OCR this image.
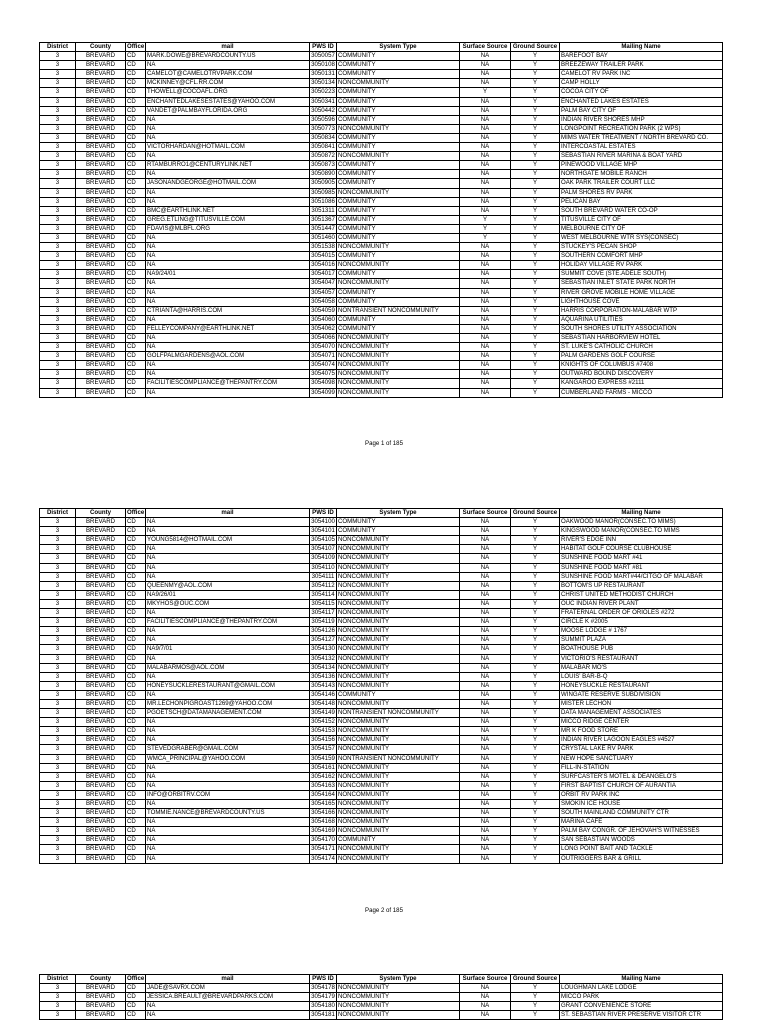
District	County	Office	mail	PWS ID	System Type	Surface Source	Ground Source	Mailing Name
3	BREVARD	CD	MARK.DOWE@BREVARDCOUNTY.US	3050057	COMMUNITY	NA	Y	BAREFOOT BAY
3	BREVARD	CD	NA	3050108	COMMUNITY	NA	Y	BREEZEWAY TRAILER PARK
3	BREVARD	CD	CAMELOT@CAMELOTRVPARK.COM	3050131	COMMUNITY	NA	Y	CAMELOT RV PARK INC
3	BREVARD	CD	MCKINNEY@CFL.RR.COM	3050134	NONCOMMUNITY	NA	Y	CAMP HOLLY
3	BREVARD	CD	THOWELL@COCOAFL.ORG	3050223	COMMUNITY	Y	Y	COCOA CITY OF
3	BREVARD	CD	ENCHANTEDLAKESESTATES@YAHOO.COM	3050341	COMMUNITY	NA	Y	ENCHANTED LAKES ESTATES
3	BREVARD	CD	VANDET@PALMBAYFLORIDA.ORG	3050442	COMMUNITY	NA	Y	PALM BAY CITY OF
3	BREVARD	CD	NA	3050596	COMMUNITY	NA	Y	INDIAN RIVER SHORES MHP
3	BREVARD	CD	NA	3050773	NONCOMMUNITY	NA	Y	LONGPOINT RECREATION PARK (2 WPS)
3	BREVARD	CD	NA	3050834	COMMUNITY	NA	Y	MIMS WATER TREATMENT / NORTH BREVARD CO.
3	BREVARD	CD	VICTORHARDAN@HOTMAIL.COM	3050841	COMMUNITY	NA	Y	INTERCOASTAL ESTATES
3	BREVARD	CD	NA	3050872	NONCOMMUNITY	NA	Y	SEBASTIAN RIVER MARINA & BOAT YARD
3	BREVARD	CD	RTAMBURRO1@CENTURYLINK.NET	3050873	COMMUNITY	NA	Y	PINEWOOD VILLAGE MHP
3	BREVARD	CD	NA	3050890	COMMUNITY	NA	Y	NORTHGATE MOBILE RANCH
3	BREVARD	CD	JASONANDGEORGE@HOTMAIL.COM	3050905	COMMUNITY	NA	Y	OAK PARK TRAILER COURT LLC
3	BREVARD	CD	NA	3050985	NONCOMMUNITY	NA	Y	PALM SHORES RV PARK
3	BREVARD	CD	NA	3051086	COMMUNITY	NA	Y	PELICAN BAY
3	BREVARD	CD	BMC@EARTHLINK.NET	3051311	COMMUNITY	NA	Y	SOUTH BREVARD WATER CO-OP
3	BREVARD	CD	GREG.ETLING@TITUSVILLE.COM	3051367	COMMUNITY	Y	Y	TITUSVILLE CITY OF
3	BREVARD	CD	FDAVIS@MLBFL.ORG	3051447	COMMUNITY	Y	Y	MELBOURNE CITY OF
3	BREVARD	CD	NA	3051460	COMMUNITY	Y	Y	WEST MELBOURNE WTR SYS(CONSEC)
3	BREVARD	CD	NA	3051538	NONCOMMUNITY	NA	Y	STUCKEY'S PECAN SHOP
3	BREVARD	CD	NA	3054015	COMMUNITY	NA	Y	SOUTHERN COMFORT MHP
3	BREVARD	CD	NA	3054016	NONCOMMUNITY	NA	Y	HOLIDAY VILLAGE RV PARK
3	BREVARD	CD	NA9/24/01	3054017	COMMUNITY	NA	Y	SUMMIT COVE (STE.ADELE SOUTH)
3	BREVARD	CD	NA	3054047	NONCOMMUNITY	NA	Y	SEBASTIAN INLET STATE PARK NORTH
3	BREVARD	CD	NA	3054057	COMMUNITY	NA	Y	RIVER GROVE MOBILE HOME VILLAGE
3	BREVARD	CD	NA	3054058	COMMUNITY	NA	Y	LIGHTHOUSE COVE
3	BREVARD	CD	CTRIANTA@HARRIS.COM	3054059	NONTRANSIENT NONCOMMUNITY	NA	Y	HARRIS CORPORATION-MALABAR WTP
3	BREVARD	CD	NA	3054060	COMMUNITY	NA	Y	AQUARINA UTILITIES
3	BREVARD	CD	FELLEYCOMPANY@EARTHLINK.NET	3054062	COMMUNITY	NA	Y	SOUTH SHORES UTILITY ASSOCIATION
3	BREVARD	CD	NA	3054066	NONCOMMUNITY	NA	Y	SEBASTIAN HARBORVIEW HOTEL
3	BREVARD	CD	NA	3054070	NONCOMMUNITY	NA	Y	ST. LUKE'S CATHOLIC CHURCH
3	BREVARD	CD	GOLFPALMGARDENS@AOL.COM	3054071	NONCOMMUNITY	NA	Y	PALM GARDENS GOLF COURSE
3	BREVARD	CD	NA	3054074	NONCOMMUNITY	NA	Y	KNIGHTS OF COLUMBUS #7408
3	BREVARD	CD	NA	3054075	NONCOMMUNITY	NA	Y	OUTWARD BOUND DISCOVERY
3	BREVARD	CD	FACILITIESCOMPLIANCE@THEPANTRY.COM	3054098	NONCOMMUNITY	NA	Y	KANGAROO EXPRESS #2111
3	BREVARD	CD	NA	3054099	NONCOMMUNITY	NA	Y	CUMBERLAND FARMS - MICCO
Page 1 of 185
District	County	Office	mail	PWS ID	System Type	Surface Source	Ground Source	Mailing Name
3	BREVARD	CD	NA	3054100	COMMUNITY	NA	Y	OAKWOOD MANOR(CONSEC.TO MIMS)
3	BREVARD	CD	NA	3054101	COMMUNITY	NA	Y	KINGSWOOD MANOR(CONSEC.TO MIMS
3	BREVARD	CD	YOUNG5814@HOTMAIL.COM	3054105	NONCOMMUNITY	NA	Y	RIVER'S EDGE INN
3	BREVARD	CD	NA	3054107	NONCOMMUNITY	NA	Y	HABITAT GOLF COURSE CLUBHOUSE
3	BREVARD	CD	NA	3054109	NONCOMMUNITY	NA	Y	SUNSHINE FOOD MART #41
3	BREVARD	CD	NA	3054110	NONCOMMUNITY	NA	Y	SUNSHINE FOOD MART #81
3	BREVARD	CD	NA	3054111	NONCOMMUNITY	NA	Y	SUNSHINE FOOD MART#44/CITGO OF MALABAR
3	BREVARD	CD	QUEENMY@AOL.COM	3054112	NONCOMMUNITY	NA	Y	BOTTOM'S UP RESTAURANT
3	BREVARD	CD	NA9/26/01	3054114	NONCOMMUNITY	NA	Y	CHRIST UNITED METHODIST CHURCH
3	BREVARD	CD	MKYHOS@OUC.COM	3054115	NONCOMMUNITY	NA	Y	OUC INDIAN RIVER PLANT
3	BREVARD	CD	NA	3054117	NONCOMMUNITY	NA	Y	FRATERNAL ORDER OF ORIOLES #272
3	BREVARD	CD	FACILITIESCOMPLIANCE@THEPANTRY.COM	3054119	NONCOMMUNITY	NA	Y	CIRCLE K #2005
3	BREVARD	CD	NA	3054126	NONCOMMUNITY	NA	Y	MOOSE LODGE # 1767
3	BREVARD	CD	NA	3054127	NONCOMMUNITY	NA	Y	SUMMIT PLAZA
3	BREVARD	CD	NA9/7/01	3054130	NONCOMMUNITY	NA	Y	BOATHOUSE PUB
3	BREVARD	CD	NA	3054132	NONCOMMUNITY	NA	Y	VICTORIO'S RESTAURANT
3	BREVARD	CD	MALABARMOS@AOL.COM	3054134	NONCOMMUNITY	NA	Y	MALABAR MO'S
3	BREVARD	CD	NA	3054136	NONCOMMUNITY	NA	Y	LOUIS' BAR-B-Q
3	BREVARD	CD	HONEYSUCKLERESTAURANT@GMAIL.COM	3054143	NONCOMMUNITY	NA	Y	HONEYSUCKLE RESTAURANT
3	BREVARD	CD	NA	3054146	COMMUNITY	NA	Y	WINGATE RESERVE SUBDIVISION
3	BREVARD	CD	MR.LECHONPIGROAST1269@YAHOO.COM	3054148	NONCOMMUNITY	NA	Y	MISTER LECHON
3	BREVARD	CD	PGOETSCH@DATAMANAGEMENT.COM	3054149	NONTRANSIENT NONCOMMUNITY	NA	Y	DATA MANAGEMENT ASSOCIATES
3	BREVARD	CD	NA	3054152	NONCOMMUNITY	NA	Y	MICCO RIDGE CENTER
3	BREVARD	CD	NA	3054153	NONCOMMUNITY	NA	Y	MR K FOOD STORE
3	BREVARD	CD	NA	3054156	NONCOMMUNITY	NA	Y	INDIAN RIVER LAGOON EAGLES #4527
3	BREVARD	CD	STEVEDGRABER@GMAIL.COM	3054157	NONCOMMUNITY	NA	Y	CRYSTAL LAKE RV PARK
3	BREVARD	CD	WMCA_PRINCIPAL@YAHOO.COM	3054159	NONTRANSIENT NONCOMMUNITY	NA	Y	NEW HOPE SANCTUARY
3	BREVARD	CD	NA	3054161	NONCOMMUNITY	NA	Y	FILL-IN-STATION
3	BREVARD	CD	NA	3054162	NONCOMMUNITY	NA	Y	SURFCASTER'S MOTEL & DEANGELO'S
3	BREVARD	CD	NA	3054163	NONCOMMUNITY	NA	Y	FIRST BAPTIST CHURCH OF AURANTIA
3	BREVARD	CD	INFO@ORBITRV.COM	3054164	NONCOMMUNITY	NA	Y	ORBIT RV PARK INC
3	BREVARD	CD	NA	3054165	NONCOMMUNITY	NA	Y	SMOKIN ICE HOUSE
3	BREVARD	CD	TOMMIE.NANCE@BREVARDCOUNTY.US	3054166	NONCOMMUNITY	NA	Y	SOUTH MAINLAND COMMUNITY CTR
3	BREVARD	CD	NA	3054168	NONCOMMUNITY	NA	Y	MARINA CAFE
3	BREVARD	CD	NA	3054169	NONCOMMUNITY	NA	Y	PALM BAY CONGR. OF JEHOVAH'S WITNESSES
3	BREVARD	CD	NA	3054170	COMMUNITY	NA	Y	SAN SEBASTIAN WOODS
3	BREVARD	CD	NA	3054171	NONCOMMUNITY	NA	Y	LONG POINT BAIT AND TACKLE
3	BREVARD	CD	NA	3054174	NONCOMMUNITY	NA	Y	OUTRIGGERS BAR & GRILL
Page 2 of 185
District	County	Office	mail	PWS ID	System Type	Surface Source	Ground Source	Mailing Name
3	BREVARD	CD	JADE@SAVRX.COM	3054178	NONCOMMUNITY	NA	Y	LOUGHMAN LAKE LODGE
3	BREVARD	CD	JESSICA.BREAULT@BREVARDPARKS.COM	3054179	NONCOMMUNITY	NA	Y	MICCO PARK
3	BREVARD	CD	NA	3054180	NONCOMMUNITY	NA	Y	GRANT CONVENIENCE STORE
3	BREVARD	CD	NA	3054181	NONCOMMUNITY	NA	Y	ST. SEBASTIAN RIVER PRESERVE VISITOR CTR
